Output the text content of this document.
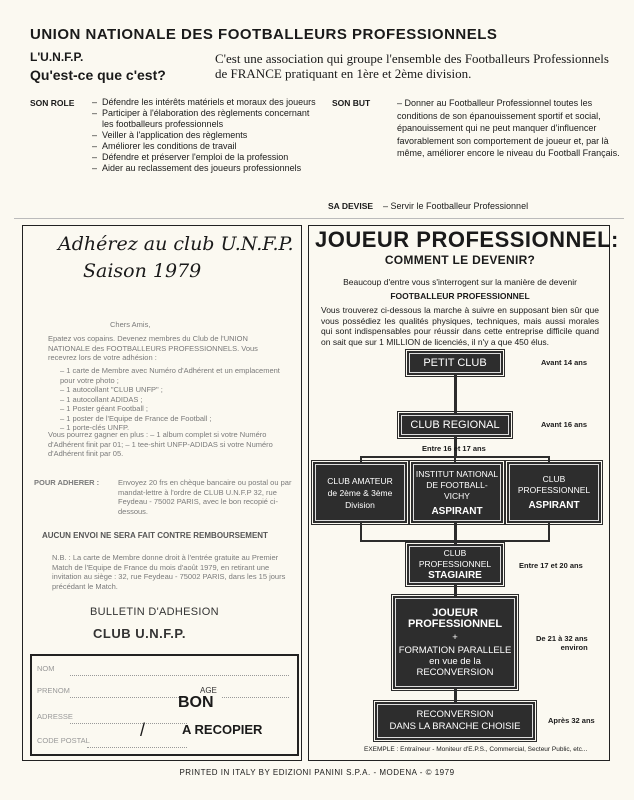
UNION NATIONALE DES FOOTBALLEURS PROFESSIONNELS
L'U.N.F.P.
Qu'est-ce que c'est?
C'est une association qui groupe l'ensemble des Footballeurs Professionnels de FRANCE pratiquant en 1ère et 2ème division.
SON ROLE
–	Défendre les intérêts matériels et moraux des joueurs
– Participer à l'élaboration des règlements concernant les footballeurs professionnels
– Veiller à l'application des règlements
– Améliorer les conditions de travail
– Défendre et préserver l'emploi de la profession
– Aider au reclassement des joueurs professionnels
SON BUT	– Donner au Footballeur Professionnel toutes les conditions de son épanouissement sportif et social, épanouissement qui ne peut manquer d'influencer favorablement son comportement de joueur et, par là même, améliorer encore le niveau du Football Français.
SA DEVISE – Servir le Footballeur Professionnel
Adhérez au club U.N.F.P.
Saison 1979
Chers Amis,
Epatez vos copains. Devenez membres du Club de l'UNION NATIONALE des FOOTBALLEURS PROFESSIONNELS. Vous recevrez lors de votre adhésion :
– 1 carte de Membre avec Numéro d'Adhérent et un emplacement pour votre photo ;
– 1 autocollant "CLUB UNFP" ;
– 1 autocollant ADIDAS ;
– 1 Poster géant Football ;
– 1 poster de l'Equipe de France de Football ;
– 1 porte-clés UNFP.
Vous pourrez gagner en plus : – 1 album complet si votre Numéro d'Adhérent finit par 01; – 1 tee-shirt UNFP-ADIDAS si votre Numéro d'Adhérent finit par 05.
POUR ADHERER :	Envoyez 20 frs en chèque bancaire ou postal ou par mandat-lettre à l'ordre de CLUB U.N.F.P 32, rue Feydeau - 75002 PARIS, avec le bon recopié ci-dessous.
AUCUN ENVOI NE SERA FAIT CONTRE REMBOURSEMENT
N.B. : La carte de Membre donne droit à l'entrée gratuite au Premier Match de l'Equipe de France du mois d'août 1979, en retirant une invitation au siège : 32, rue Feydeau - 75002 PARIS, dans les 15 jours précédant le Match.
BULLETIN D'ADHESION
CLUB U.N.F.P.
NOM
PRENOM	AGE
ADRESSE
CODE POSTAL
/
BON
A RECOPIER
JOUEUR PROFESSIONNEL:
COMMENT LE DEVENIR?
Beaucoup d'entre vous s'interrogent sur la manière de devenir
FOOTBALLEUR PROFESSIONNEL
Vous trouverez ci-dessous la marche à suivre en supposant bien sûr que vous possédiez les qualités physiques, techniques, mais aussi morales qui sont indispensables pour réussir dans cette entreprise difficile quand on sait que sur 1 MILLION de licenciés, il n'y a que 450 élus.
PETIT CLUB	Avant 14 ans
CLUB REGIONAL	Avant 16 ans
Entre 16 et 17 ans
CLUB AMATEUR
de 2ème & 3ème
Division
INSTITUT NATIONAL
DE FOOTBALL-VICHY
ASPIRANT
CLUB
PROFESSIONNEL
ASPIRANT
CLUB
PROFESSIONNEL
STAGIAIRE
Entre 17 et 20 ans
JOUEUR
PROFESSIONNEL
+
FORMATION PARALLELE
en vue de la
RECONVERSION
De 21 à 32 ans
environ
RECONVERSION
DANS LA BRANCHE CHOISIE
Après 32 ans
EXEMPLE : Entraîneur - Moniteur d'E.P.S., Commercial, Secteur Public, etc...
PRINTED IN ITALY BY EDIZIONI PANINI S.P.A. - MODENA - © 1979
